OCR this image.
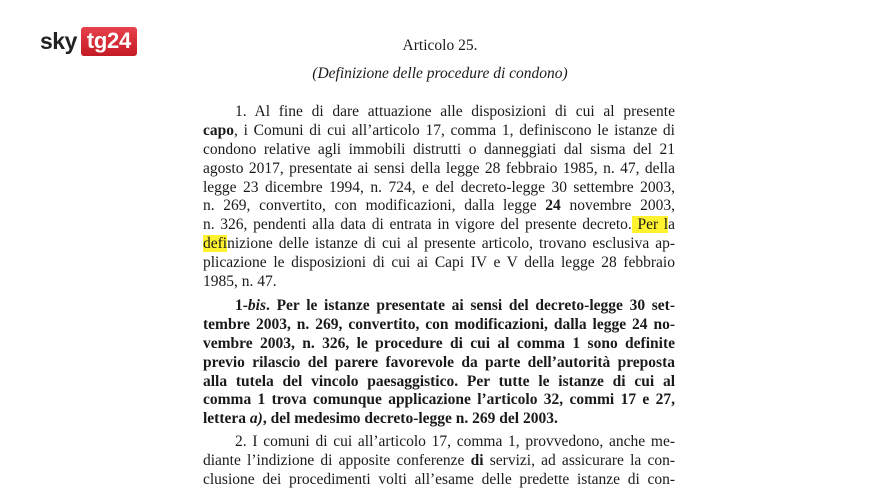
sky tg24	Articolo 25.
(Definizione delle procedure di condono)
1. Al fine di dare attuazione alle disposizioni di cui al presente
capo, i Comuni di cui all’articolo 17, comma 1, definiscono le istanze di
condono relative agli immobili distrutti o danneggiati dal sisma del 21
agosto 2017, presentate ai sensi della legge 28 febbraio 1985, n. 47, della
legge 23 dicembre 1994, n. 724, e del decreto-legge 30 settembre 2003,
n. 269, convertito, con modificazioni, dalla legge 24 novembre 2003,
n. 326, pendenti alla data di entrata in vigore del presente decreto. Per la
definizione delle istanze di cui al presente articolo, trovano esclusiva ap-
plicazione le disposizioni di cui ai Capi IV e V della legge 28 febbraio
1985, n. 47.
1-bis. Per le istanze presentate ai sensi del decreto-legge 30 set-
tembre 2003, n. 269, convertito, con modificazioni, dalla legge 24 no-
vembre 2003, n. 326, le procedure di cui al comma 1 sono definite
previo rilascio del parere favorevole da parte dell’autorità preposta
alla tutela del vincolo paesaggistico. Per tutte le istanze di cui al
comma 1 trova comunque applicazione l’articolo 32, commi 17 e 27,
lettera a), del medesimo decreto-legge n. 269 del 2003.
2. I comuni di cui all’articolo 17, comma 1, provvedono, anche me-
diante l’indizione di apposite conferenze di servizi, ad assicurare la con-
clusione dei procedimenti volti all’esame delle predette istanze di con-
